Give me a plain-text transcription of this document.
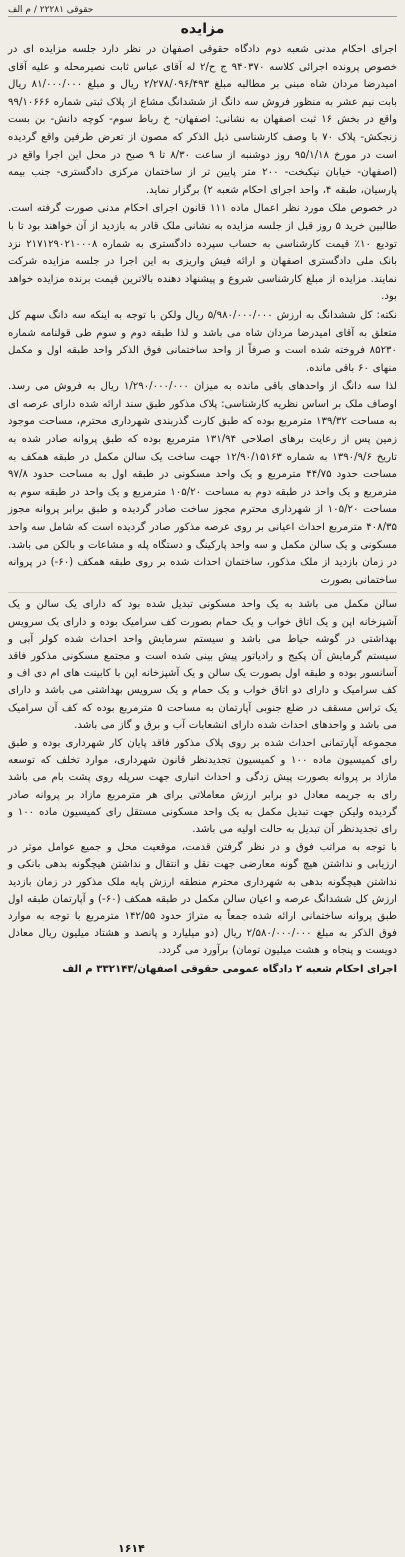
حقوقی ۲۲۲۸۱ / م الف
مزایده

اجرای احکام مدنی شعبه دوم دادگاه حقوقی اصفهان در نظر دارد جلسه مزایده ای در خصوص پرونده اجرائی کلاسه ۹۴۰۳۷۰ ج ح/۲ له آقای عباس ثابت نصیرمحله و علیه آقای امیدرضا مردان شاه مبنی بر مطالبه مبلغ ۲/۲۷۸/۰۹۶/۴۹۳ ریال و مبلغ ۸۱/۰۰۰/۰۰۰ ریال بابت نیم عشر به منظور فروش سه دانگ از ششدانگ مشاع از پلاک ثبتی شماره ۹۹/۱۰۶۶۶ واقع در بخش ۱۶ ثبت اصفهان به نشانی: اصفهان- خ رباط سوم- کوچه دانش- بن بست زنجکش- پلاک ۷۰ با وصف کارشناسی ذیل الذکر که مصون از تعرض طرفین واقع گردیده است در مورخ ۹۵/۱/۱۸ روز دوشنبه از ساعت ۸/۳۰ تا ۹ صبح در محل این اجرا واقع در (اصفهان- خیابان نیکبخت- ۲۰۰ متر پایین تر از ساختمان مرکزی دادگستری- جنب بیمه پارسیان، طبقه ۴، واحد اجرای احکام شعبه ۲) برگزار نماید.

در خصوص ملک مورد نظر اعمال ماده ۱۱۱ قانون اجرای احکام مدنی صورت گرفته است. طالبین خرید ۵ روز قبل از جلسه مزایده به نشانی ملک قادر به بازدید از آن خواهند بود تا با تودیع ۱۰٪ قیمت کارشناسی به حساب سپرده دادگستری به شماره ۲۱۷۱۲۹۰۲۱۰۰۰۸ نزد بانک ملی دادگستری اصفهان و ارائه فیش واریزی به این اجرا در جلسه مزایده شرکت نمایند. مزایده از مبلغ کارشناسی شروع و پیشنهاد دهنده بالاترین قیمت برنده مزایده خواهد بود.

نکته: کل ششدانگ به ارزش ۵/۹۸۰/۰۰۰/۰۰۰ ریال ولکن با توجه به اینکه سه دانگ سهم کل متعلق به آقای امیدرضا مردان شاه می باشد و لذا طبقه دوم و سوم طی قولنامه شماره ۸۵۲۳۰ فروخته شده است و صرفاً از واحد ساختمانی فوق الذکر واحد طبقه اول و مکمل منهای ۶۰ باقی مانده.

لذا سه دانگ از واحدهای باقی مانده به میزان ۱/۲۹۰/۰۰۰/۰۰۰ ریال به فروش می رسد. اوصاف ملک بر اساس نظریه کارشناسی: پلاک مذکور طبق سند ارائه شده دارای عرصه ای به مساحت ۱۳۹/۳۲ مترمربع بوده که طبق کارت گذربندی شهرداری محترم، مساحت موجود زمین پس از رعایت برهای اصلاحی ۱۳۱/۹۴ مترمربع بوده که طبق پروانه صادر شده به تاریخ ۱۳۹۰/۹/۶ به شماره ۱۲/۹۰/۱۵۱۶۳ جهت ساخت یک سالن مکمل در طبقه همکف به مساحت حدود ۴۴/۷۵ مترمربع و یک واحد مسکونی در طبقه اول به مساحت حدود ۹۷/۸ مترمربع و یک واحد در طبقه دوم به مساحت ۱۰۵/۲۰ مترمربع و یک واحد در طبقه سوم به مساحت ۱۰۵/۲۰ از شهرداری محترم مجوز ساخت صادر گردیده و طبق برابر پروانه مجوز ۴۰۸/۳۵ مترمربع احداث اعیانی بر روی عرصه مذکور صادر گردیده است که شامل سه واحد مسکونی و یک سالن مکمل و سه واحد پارکینگ و دستگاه پله و مشاعات و بالکن می باشد. در زمان بازدید از ملک مذکور، ساختمان احداث شده بر روی طبقه همکف (۶۰-) در پروانه ساختمانی بصورت

سالن مکمل می باشد به یک واحد مسکونی تبدیل شده بود که دارای یک سالن و یک آشپزخانه اپن و یک اتاق خواب و یک حمام بصورت کف سرامیک بوده و دارای یک سرویس بهداشتی در گوشه حیاط می باشد و سیستم سرمایش واحد احداث شده کولر آبی و سیستم گرمایش آن پکیج و رادیاتور پیش بینی شده است و مجتمع مسکونی مذکور فاقد آسانسور بوده و طبقه اول بصورت یک سالن و یک آشپزخانه اپن با کابینت های ام دی اف و کف سرامیک و دارای دو اتاق خواب و یک حمام و یک سرویس بهداشتی می باشد و دارای یک تراس مسقف در ضلع جنوبی آپارتمان به مساحت ۵ مترمربع بوده که کف آن سرامیک می باشد و واحدهای احداث شده دارای انشعابات آب و برق و گاز می باشد.

مجموعه آپارتمانی احداث شده بر روی پلاک مذکور فاقد پایان کار شهرداری بوده و طبق رای کمیسیون ماده ۱۰۰ و کمیسیون تجدیدنظر قانون شهرداری، موارد تخلف که توسعه مازاد بر پروانه بصورت پیش زدگی و احداث انباری جهت سرپله روی پشت بام می باشد رای به جریمه معادل دو برابر ارزش معاملاتی برای هر مترمربع مازاد بر پروانه صادر گردیده ولیکن جهت تبدیل مکمل به یک واحد مسکونی مستقل رای کمیسیون ماده ۱۰۰ و رای تجدیدنظر آن تبدیل به حالت اولیه می باشد.

با توجه به مراتب فوق و در نظر گرفتن قدمت، موقعیت محل و جمیع عوامل موثر در ارزیابی و نداشتن هیچ گونه معارضی جهت نقل و انتقال و نداشتن هیچگونه بدهی بانکی و نداشتن هیچگونه بدهی به شهرداری محترم منطقه ارزش پایه ملک مذکور در زمان بازدید ارزش کل ششدانگ عرصه و اعیان سالن مکمل در طبقه همکف (۶۰-) و آپارتمان طبقه اول طبق پروانه ساختمانی ارائه شده جمعاً به متراژ حدود ۱۴۲/۵۵ مترمربع با توجه به موارد فوق الذکر به مبلغ ۲/۵۸۰/۰۰۰/۰۰۰ ریال (دو میلیارد و پانصد و هشتاد میلیون ریال معادل دویست و پنجاه و هشت میلیون تومان) برآورد می گردد.

اجرای احکام شعبه ۲ دادگاه عمومی حقوقی اصفهان/۳۳۲۱۴۳ م الف
۱۶۱۴
